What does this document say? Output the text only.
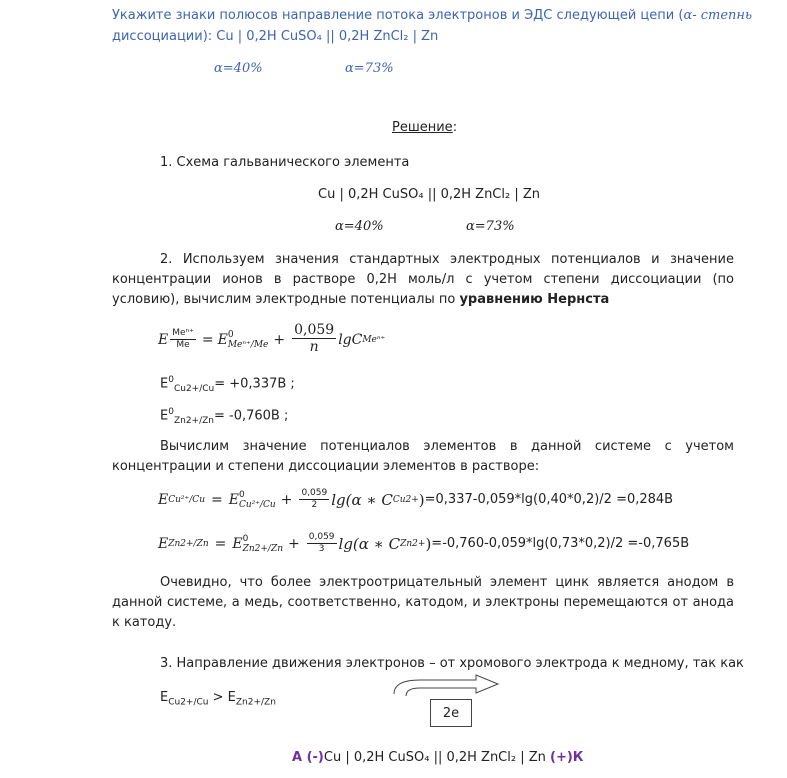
Укажите знаки полюсов направление потока электронов и ЭДС следующей цепи (α- степнь
диссоциации): Cu | 0,2Н CuSO₄ || 0,2Н ZnCl₂ | Zn
α=40%	α=73%
Решение:
1. Схема гальванического элемента
Cu | 0,2Н CuSO₄ || 0,2Н ZnCl₂ | Zn
α=40%	α=73%
2. Используем значения стандартных электродных потенциалов и значение концентрации ионов в растворе 0,2Н моль/л с учетом степени диссоциации (по условию), вычислим электродные потенциалы по уравнению Нернста
E $\frac{\text{Meⁿ⁺}}{Me} = E$ 0
$Me^{n+}/Me + \frac{0,059}{n}$ lgC Meⁿ⁺
$E^0_{Cu2+/Cu}= +0,337В$ ;
$E^0_{Zn2+/Zn}= -0,760В$ ;
Вычислим значение потенциалов элементов в данной системе с учетом концентрации и степени диссоциации элементов в растворе:
E Cu²⁺/Cu = E 0
$Cu^{2+}/Cu + \frac{0,059}{2} \lg(\alpha$ ∗ C Cu2+ ) =0,337-0,059*lg(0,40*0,2)/2 =0,284В
E Zn2+/Zn = E 0
$Zn2+/Zn + \frac{0,059}{3} \lg(\alpha$ ∗ C Zn2+ ) =-0,760-0,059*lg(0,73*0,2)/2 =-0,765В
Очевидно, что более электроотрицательный элемент цинк является анодом в данной системе, а медь, соответственно, катодом, и электроны перемещаются от анода к катоду.
3. Направление движения электронов – от хромового электрода к медному, так как
$E_{Cu2+/Cu} > E_{Zn2+/Zn}$
2e
А (-)Cu | 0,2Н CuSO₄ || 0,2Н ZnCl₂ | Zn (+)К
